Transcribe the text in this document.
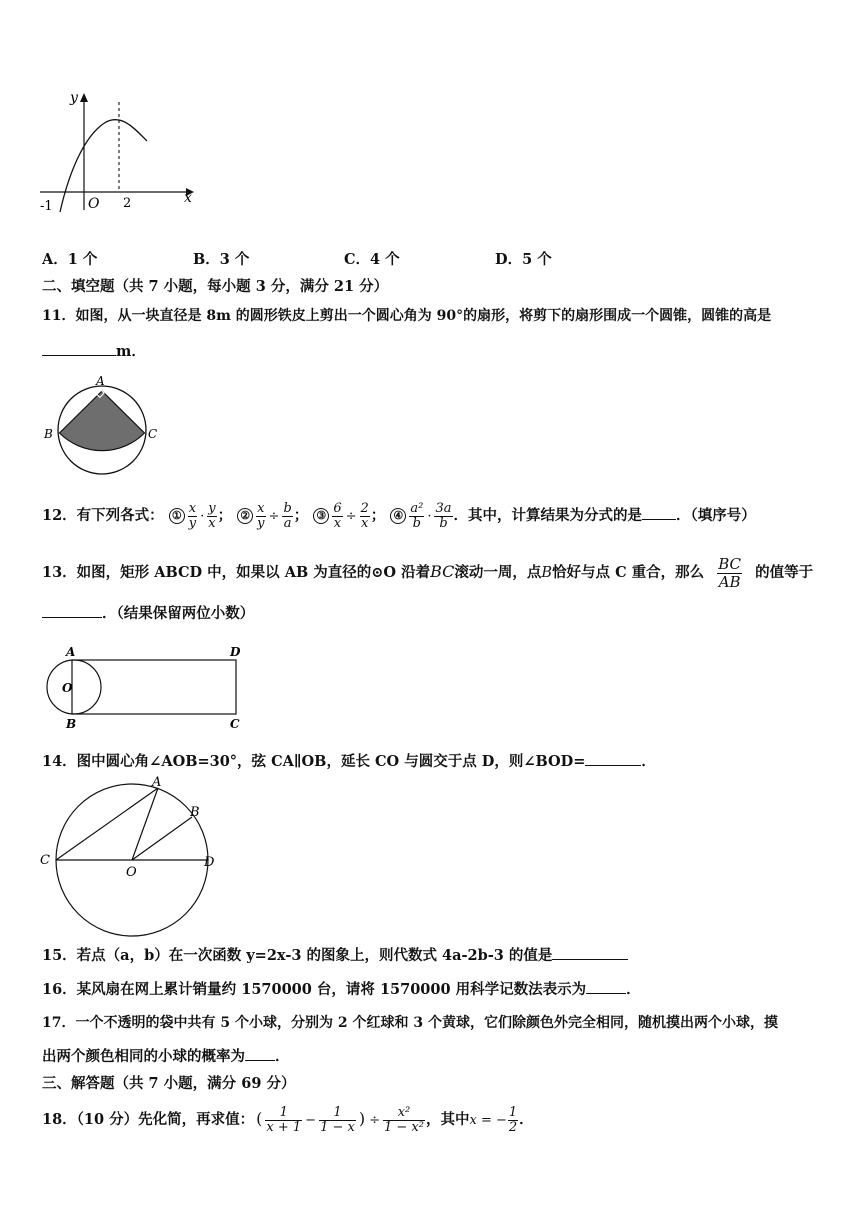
y
x
-1	O 2
A．1 个	B．3 个	C．4 个	D．5 个
二、填空题（共 7 小题，每小题 3 分，满分 21 分）
11．如图，从一块直径是 8m 的圆形铁皮上剪出一个圆心角为 90°的扇形，将剪下的扇形围成一个圆锥，圆锥的高是
m．
A
B	C
12．有下列各式： ① $\frac{x}{y} \cdot \frac{y}{x}$ ； ② $\frac{x}{y} \div \frac{b}{a}$ ； ③ $\frac{6}{x} \div \frac{2}{x}$ ； ④ $\frac{\text{a²}}{b} \cdot \frac{3a}{b}$ ．其中，计算结果为分式的是 ．（填序号）
13．如图，矩形 ABCD 中，如果以 AB 为直径的⊙O 沿着BC滚动一周，点B恰好与点 C 重合，那么 $\frac{BC}{AB}$ 的值等于
．（结果保留两位小数）
A	D
B	C
O
14．图中圆心角∠AOB=30°，弦 CA∥OB，延长 CO 与圆交于点 D，则∠BOD=	．
A
B
C	D
O
15．若点（a，b）在一次函数 y=2x-3 的图象上，则代数式 4a-2b-3 的值是
16．某风扇在网上累计销量约 1570000 台，请将 1570000 用科学记数法表示为	．
17．一个不透明的袋中共有 5 个小球，分别为 2 个红球和 3 个黄球，它们除颜色外完全相同，随机摸出两个小球，摸
出两个颜色相同的小球的概率为 ．
三、解答题（共 7 小题，满分 69 分）
18．（10 分）先化简，再求值： ( $\frac{1}{x + 1} - \frac{1}{1 - x}$ ) ÷ $\frac{\text{x²}}{\text{1 − x²}}$ ，其中x = − $\frac{1}{2}$ ．
